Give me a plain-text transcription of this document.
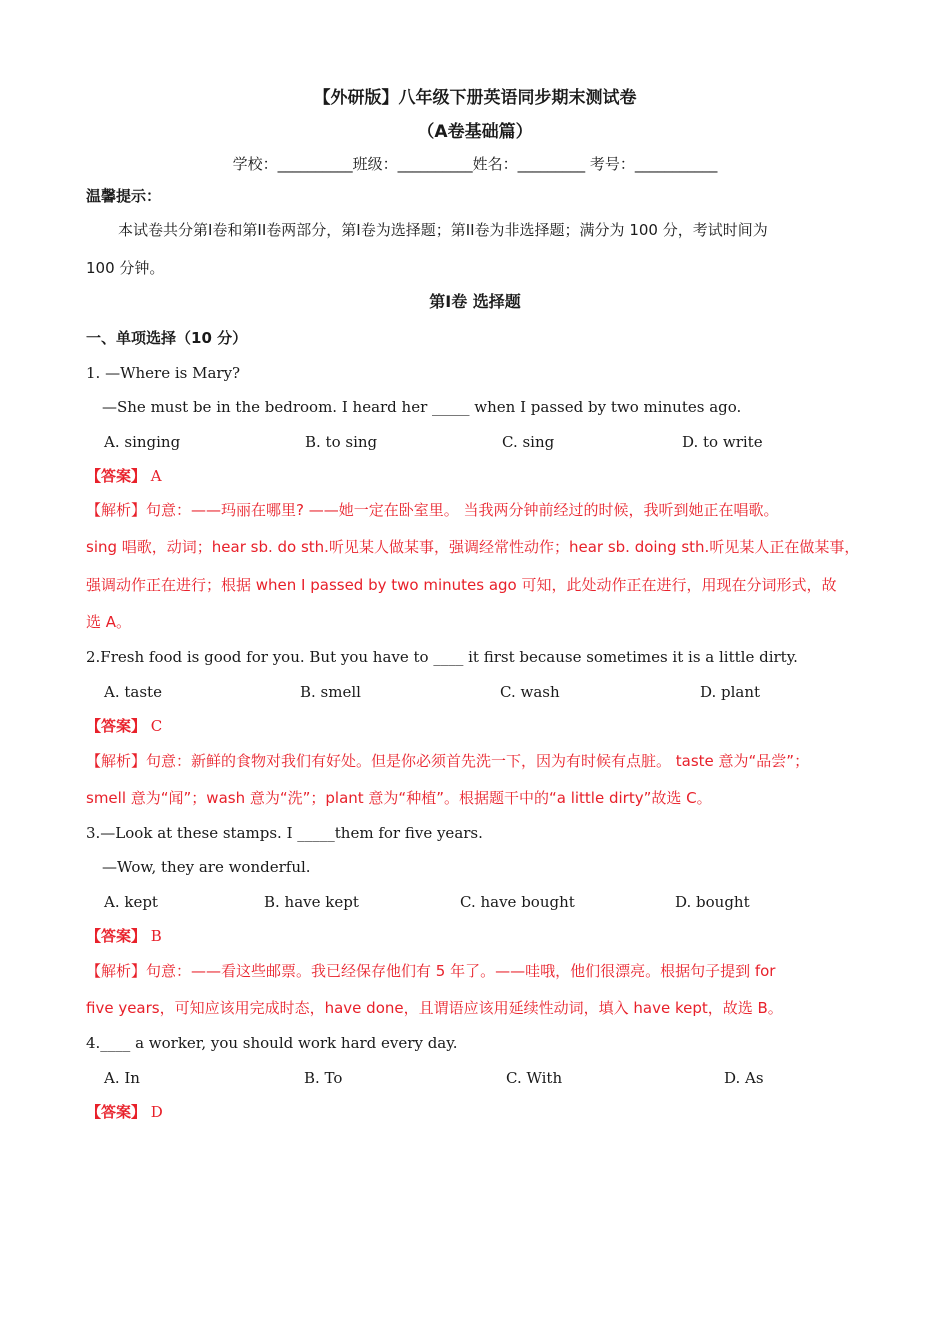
【外研版】八年级下册英语同步期末测试卷
（A卷基础篇）
学校：__________班级：__________姓名：_________ 考号：___________
温馨提示：
本试卷共分第I卷和第II卷两部分，第I卷为选择题；第II卷为非选择题；满分为 100 分，考试时间为
100 分钟。
第I卷 选择题
一、单项选择（10 分）
1. —Where is Mary?
—She must be in the bedroom. I heard her _____ when I passed by two minutes ago.
A. singing	B. to sing	C. sing	D. to write
【答案】 A
【解析】句意：——玛丽在哪里? ——她一定在卧室里。 当我两分钟前经过的时候，我听到她正在唱歌。
sing 唱歌，动词；hear sb. do sth.听见某人做某事，强调经常性动作；hear sb. doing sth.听见某人正在做某事，
强调动作正在进行；根据 when I passed by two minutes ago 可知，此处动作正在进行，用现在分词形式，故
选 A。
2.Fresh food is good for you. But you have to ____ it first because sometimes it is a little dirty.
A. taste	B. smell	C. wash	D. plant
【答案】 C
【解析】句意：新鲜的食物对我们有好处。但是你必须首先洗一下，因为有时候有点脏。 taste 意为“品尝”；
smell 意为“闻”；wash 意为“洗”；plant 意为“种植”。根据题干中的“a little dirty”故选 C。
3.—Look at these stamps. I _____them for five years.
—Wow, they are wonderful.
A. kept	B. have kept	C. have bought	D. bought
【答案】 B
【解析】句意：——看这些邮票。我已经保存他们有 5 年了。——哇哦，他们很漂亮。根据句子提到 for
five years，可知应该用完成时态，have done，且谓语应该用延续性动词，填入 have kept，故选 B。
4.____ a worker, you should work hard every day.
A. In	B. To	C. With	D. As
【答案】 D
